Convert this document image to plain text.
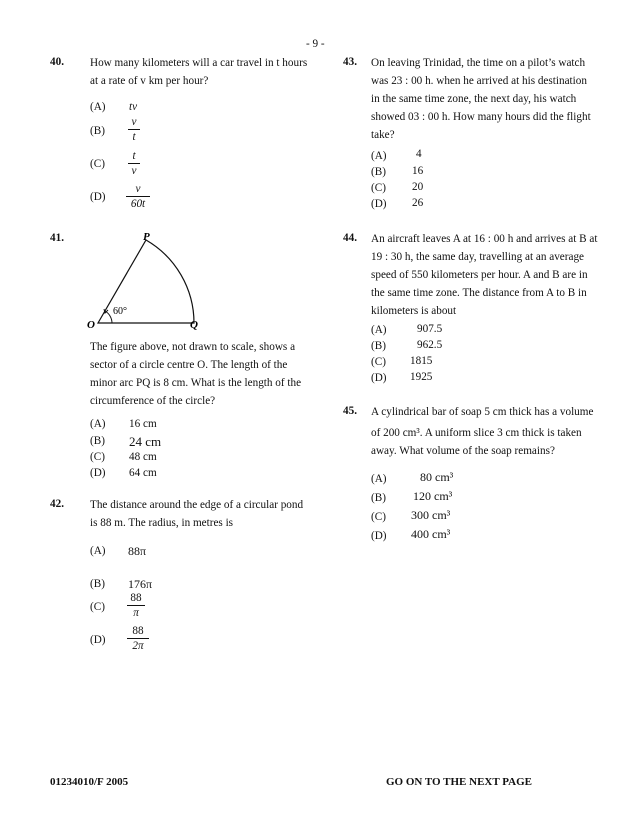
- 9 -
40. How many kilometers will a car travel in t hours
at a rate of v km per hour?
(A) tv
(B)
v
t
(C)
t
v
(D)
v
60t
41.	P
O	Q
60°
The figure above, not drawn to scale, shows a
sector of a circle centre O. The length of the
minor arc PQ is 8 cm. What is the length of the
circumference of the circle?
(A) 16 cm
(B) 24 cm
(C) 48 cm
(D) 64 cm
42. The distance around the edge of a circular pond
is 88 m. The radius, in metres is
(A) 88π
(B) 176π
(C)
88
π
(D)
88
2π
43. On leaving Trinidad, the time on a pilot’s watch
was 23 : 00 h. when he arrived at his destination
in the same time zone, the next day, his watch
showed 03 : 00 h. How many hours did the flight
take?
(A)	4
(B) 16
(C) 20
(D) 26
44. An aircraft leaves A at 16 : 00 h and arrives at B at
19 : 30 h, the same day, travelling at an average
speed of 550 kilometers per hour. A and B are in
the same time zone. The distance from A to B in
kilometers is about
(A)	907.5
(B)	962.5
(C) 1815
(D) 1925
45. A cylindrical bar of soap 5 cm thick has a volume
of 200 cm³. A uniform slice 3 cm thick is taken
away. What volume of the soap remains?
(A)	80 cm³
(B) 120 cm³
(C) 300 cm³
(D) 400 cm³
01234010/F 2005	GO ON TO THE NEXT PAGE
